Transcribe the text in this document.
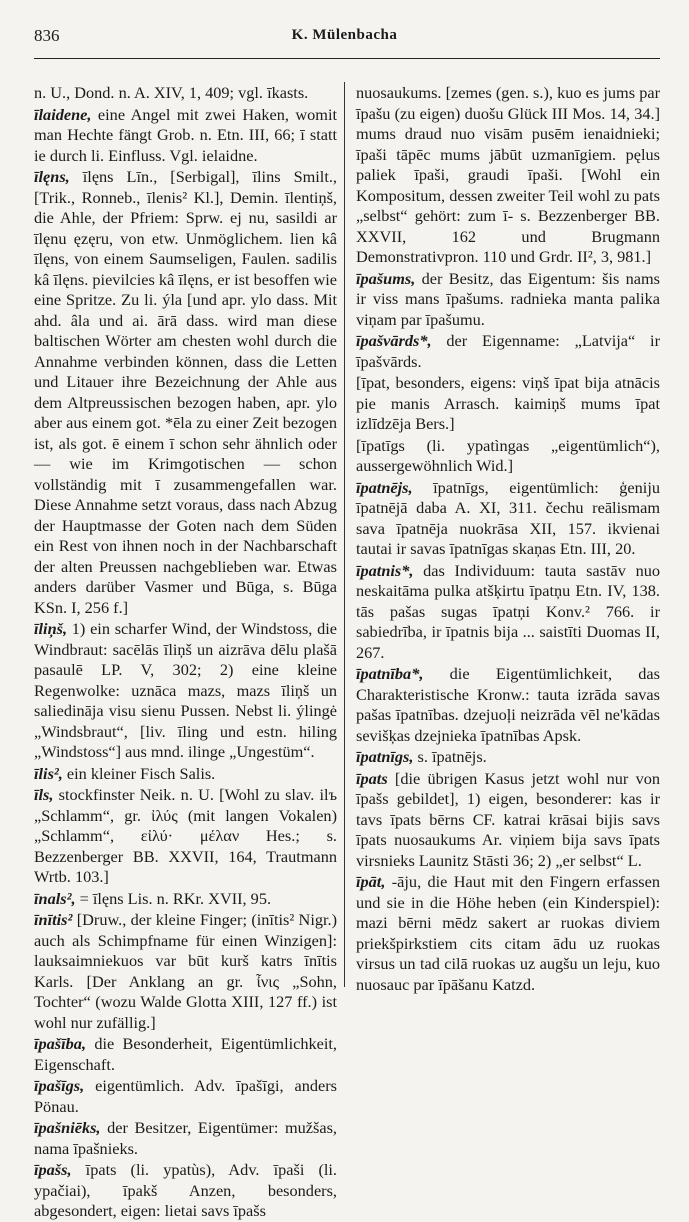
836	K. Mülenbacha

n. U., Dond. n. A. XIV, 1, 409; vgl. īkasts.

īlaidene, eine Angel mit zwei Haken, womit man Hechte fängt Grob. n. Etn. III, 66; ī statt ie durch li. Einfluss. Vgl. ielaidne.

īlęns, īlęns Līn., [Serbigal], īlins Smilt., [Trik., Ronneb., īlenis² Kl.], Demin. īlentiņš, die Ahle, der Pfriem: Sprw. ej nu, sasildi ar īlęnu ęzęru, von etw. Unmöglichem. lien kâ īlęns, von einem Saumseligen, Faulen. sadilis kâ īlęns. pievilcies kâ īlęns, er ist besoffen wie eine Spritze. Zu li. ýla [und apr. ylo dass. Mit ahd. âla und ai. ārā dass. wird man diese baltischen Wörter am chesten wohl durch die Annahme verbinden können, dass die Letten und Litauer ihre Bezeichnung der Ahle aus dem Altpreussischen bezogen haben, apr. ylo aber aus einem got. *ēla zu einer Zeit bezogen ist, als got. ē einem ī schon sehr ähnlich oder — wie im Krimgotischen — schon vollständig mit ī zusammengefallen war. Diese Annahme setzt voraus, dass nach Abzug der Hauptmasse der Goten nach dem Süden ein Rest von ihnen noch in der Nachbarschaft der alten Preussen nachgeblieben war. Etwas anders darüber Vasmer und Būga, s. Būga KSn. I, 256 f.]

īliņš, 1) ein scharfer Wind, der Windstoss, die Windbraut: sacēlās īliņš un aizrāva dēlu plašā pasaulē LP. V, 302; 2) eine kleine Regenwolke: uznāca mazs, mazs īliņš un saliedināja visu sienu Pussen. Nebst li. ýlingė „Windsbraut“, [liv. īling und estn. hiling „Windstoss“] aus mnd. ilinge „Ungestüm“.

īlis², ein kleiner Fisch Salis.

īls, stockfinster Neik. n. U. [Wohl zu slav. ilъ „Schlamm“, gr. ἰλύς (mit langen Vokalen) „Schlamm“, εἰλύ· μέλαν Hes.; s. Bezzenberger BB. XXVII, 164, Trautmann Wrtb. 103.]

īnals², = īlęns Lis. n. RKr. XVII, 95.

īnītis² [Druw., der kleine Finger; (inītis² Nigr.) auch als Schimpfname für einen Winzigen]: lauksaimniekuos var būt kurš katrs īnītis Karls. [Der Anklang an gr. ἶνις „Sohn, Tochter“ (wozu Walde Glotta XIII, 127 ff.) ist wohl nur zufällig.]

īpašība, die Besonderheit, Eigentümlichkeit, Eigenschaft.

īpašīgs, eigentümlich. Adv. īpašīgi, anders Pönau.

īpašniēks, der Besitzer, Eigentümer: mužšas, nama īpašnieks.

īpašs, īpats (li. ypatùs), Adv. īpaši (li. ypačiai), īpakš Anzen, besonders, abgesondert, eigen: lietai savs īpašs

nuosaukums. [zemes (gen. s.), kuo es jums par īpašu (zu eigen) duošu Glück III Mos. 14, 34.] mums draud nuo visām pusēm ienaidnieki; īpaši tāpēc mums jābūt uzmanīgiem. pęlus paliek īpaši, graudi īpaši. [Wohl ein Kompositum, dessen zweiter Teil wohl zu pats „selbst“ gehört: zum ī- s. Bezzenberger BB. XXVII, 162 und Brugmann Demonstrativpron. 110 und Grdr. II², 3, 981.]

īpašums, der Besitz, das Eigentum: šis nams ir viss mans īpašums. radnieka manta palika viņam par īpašumu.

īpašvārds*, der Eigenname: „Latvija“ ir īpašvārds.

[īpat, besonders, eigens: viņš īpat bija atnācis pie manis Arrasch. kaimiņš mums īpat izlīdzēja Bers.]

[īpatīgs (li. ypatìngas „eigentümlich“), aussergewöhnlich Wid.]

īpatnējs, īpatnīgs, eigentümlich: ģeniju īpatnējā daba A. XI, 311. čechu reālismam sava īpatnēja nuokrāsa XII, 157. ikvienai tautai ir savas īpatnīgas skaņas Etn. III, 20.

īpatnis*, das Individuum: tauta sastāv nuo neskaitāma pulka atšķirtu īpatņu Etn. IV, 138. tās pašas sugas īpatņi Konv.² 766. ir sabiedrība, ir īpatnis bija ... saistīti Duomas II, 267.

īpatnība*, die Eigentümlichkeit, das Charakteristische Kronw.: tauta izrāda savas pašas īpatnības. dzejuoļi neizrāda vēl ne'kādas sevišķas dzejnieka īpatnības Apsk.

īpatnīgs, s. īpatnējs.

īpats [die übrigen Kasus jetzt wohl nur von īpašs gebildet], 1) eigen, besonderer: kas ir tavs īpats bērns CF. katrai krāsai bijis savs īpats nuosaukums Ar. viņiem bija savs īpats virsnieks Launitz Stāsti 36; 2) „er selbst“ L.

īpāt, -āju, die Haut mit den Fingern erfassen und sie in die Höhe heben (ein Kinderspiel): mazi bērni mēdz sakert ar ruokas diviem priekšpirkstiem cits citam ādu uz ruokas virsus un tad cilā ruokas uz augšu un leju, kuo nuosauc par īpāšanu Katzd.
